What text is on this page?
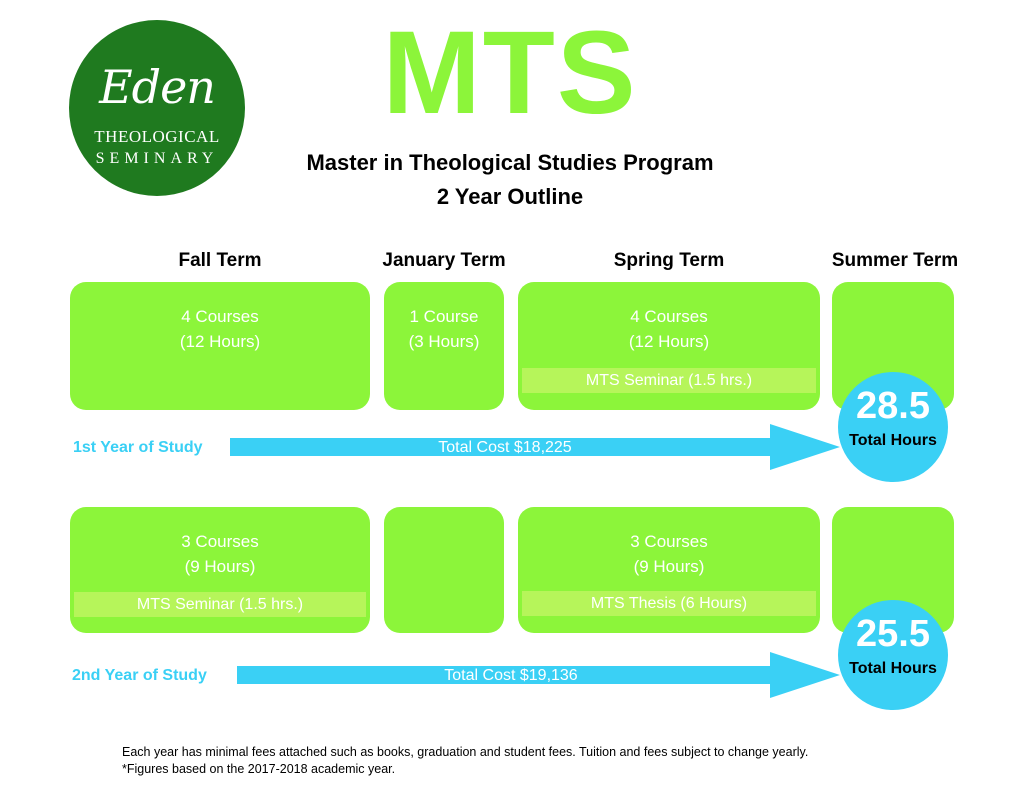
Eden
THEOLOGICAL
SEMINARY
MTS
Master in Theological Studies Program
2 Year Outline
Fall Term	January Term	Spring Term	Summer Term
4 Courses
(12 Hours)
1 Course
(3 Hours)
4 Courses
(12 Hours)
MTS Seminar (1.5 hrs.)
1st Year of Study	Total Cost $18,225
28.5
Total Hours
3 Courses
(9 Hours)
MTS Seminar (1.5 hrs.)
3 Courses
(9 Hours)
MTS Thesis (6 Hours)
2nd Year of Study	Total Cost $19,136
25.5
Total Hours
Each year has minimal fees attached such as books, graduation and student fees. Tuition and fees subject to change yearly.
*Figures based on the 2017-2018 academic year.
